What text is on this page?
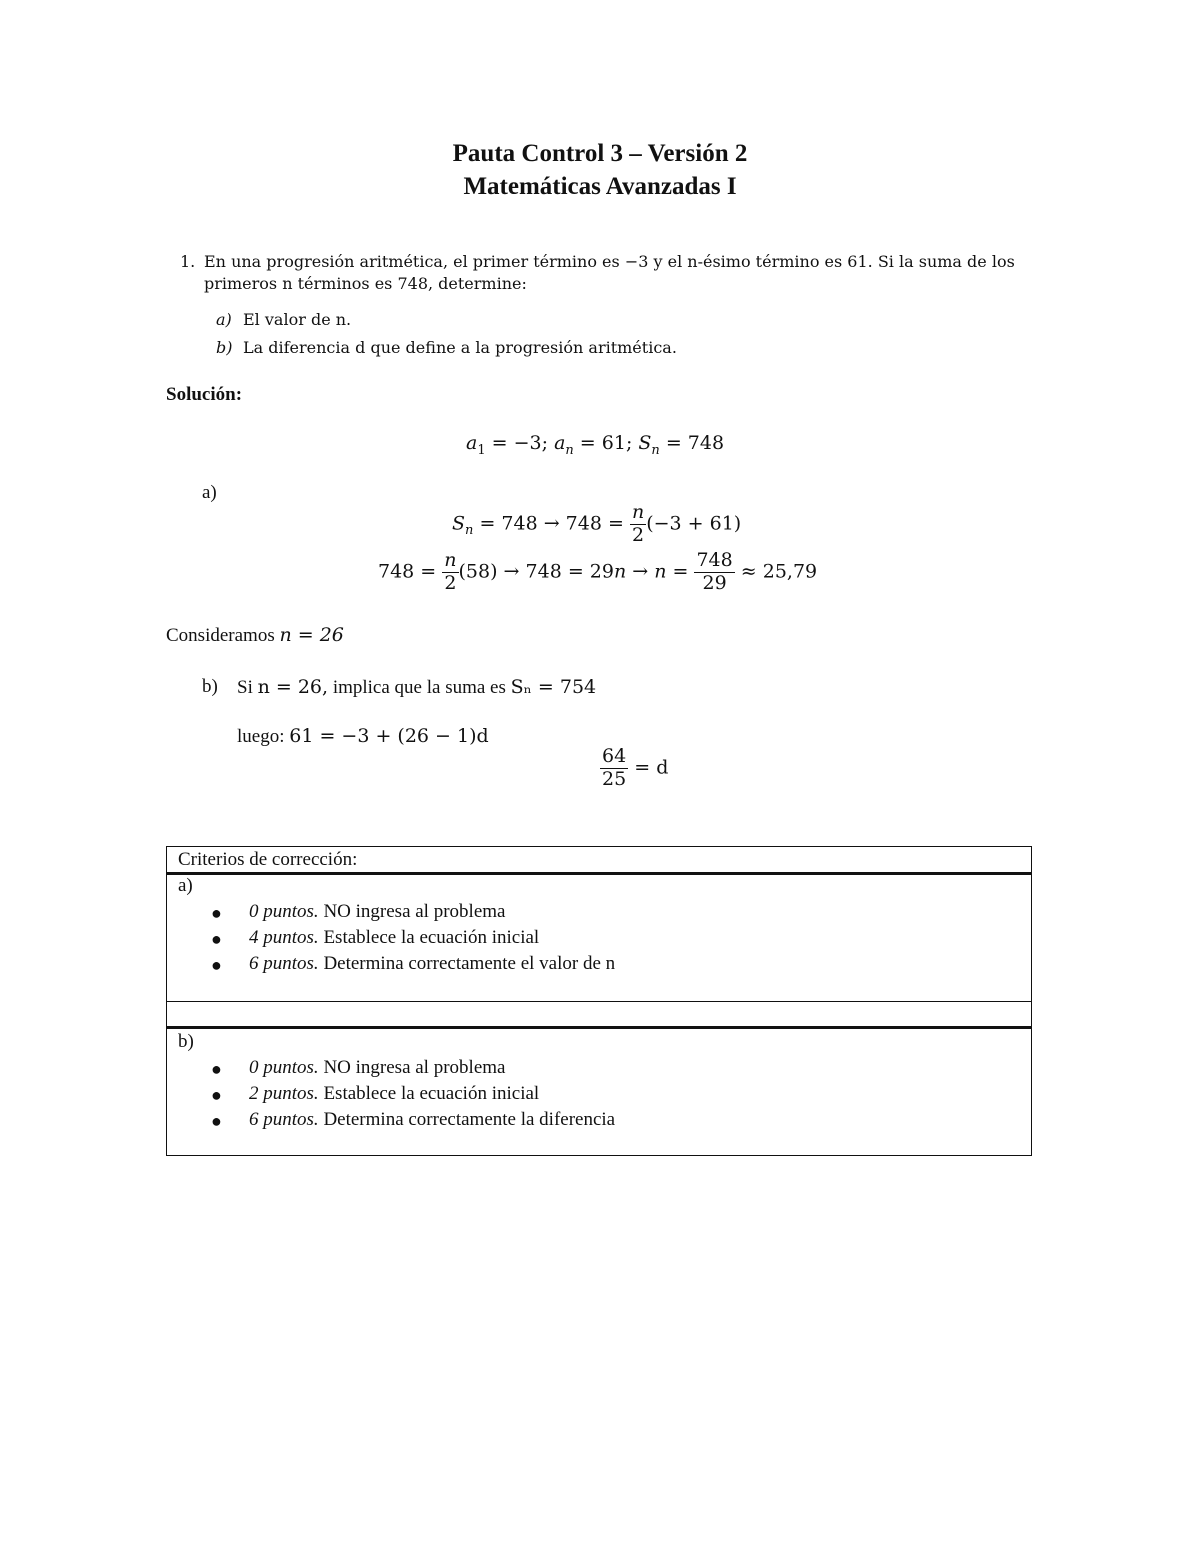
Pauta Control 3 – Versión 2
Matemáticas Avanzadas I
1. En una progresión aritmética, el primer término es −3 y el n-ésimo término es 61. Si la suma de los
primeros n términos es 748, determine:
a) El valor de n.
b) La diferencia d que define a la progresión aritmética.
Solución:
$a_1 = -3$; $a_n = 61$; $S_n = 748$
a)
$S_n = 748 \to 748 = \frac{n}{2} (-3 + 61)$
$748 = \frac{n}{2} (58) \to 748 = 29n \to n = \frac{748}{29} \approx 25,79$
Consideramos n = 26
b) Si n = 26, implica que la suma es Sₙ = 754
luego: 61 = −3 + (26 − 1)d
$\frac{64}{25} = d$
Criterios de corrección:
a)
● 0 puntos. NO ingresa al problema
● 4 puntos. Establece la ecuación inicial
● 6 puntos. Determina correctamente el valor de n
b)
● 0 puntos. NO ingresa al problema
● 2 puntos. Establece la ecuación inicial
● 6 puntos. Determina correctamente la diferencia
